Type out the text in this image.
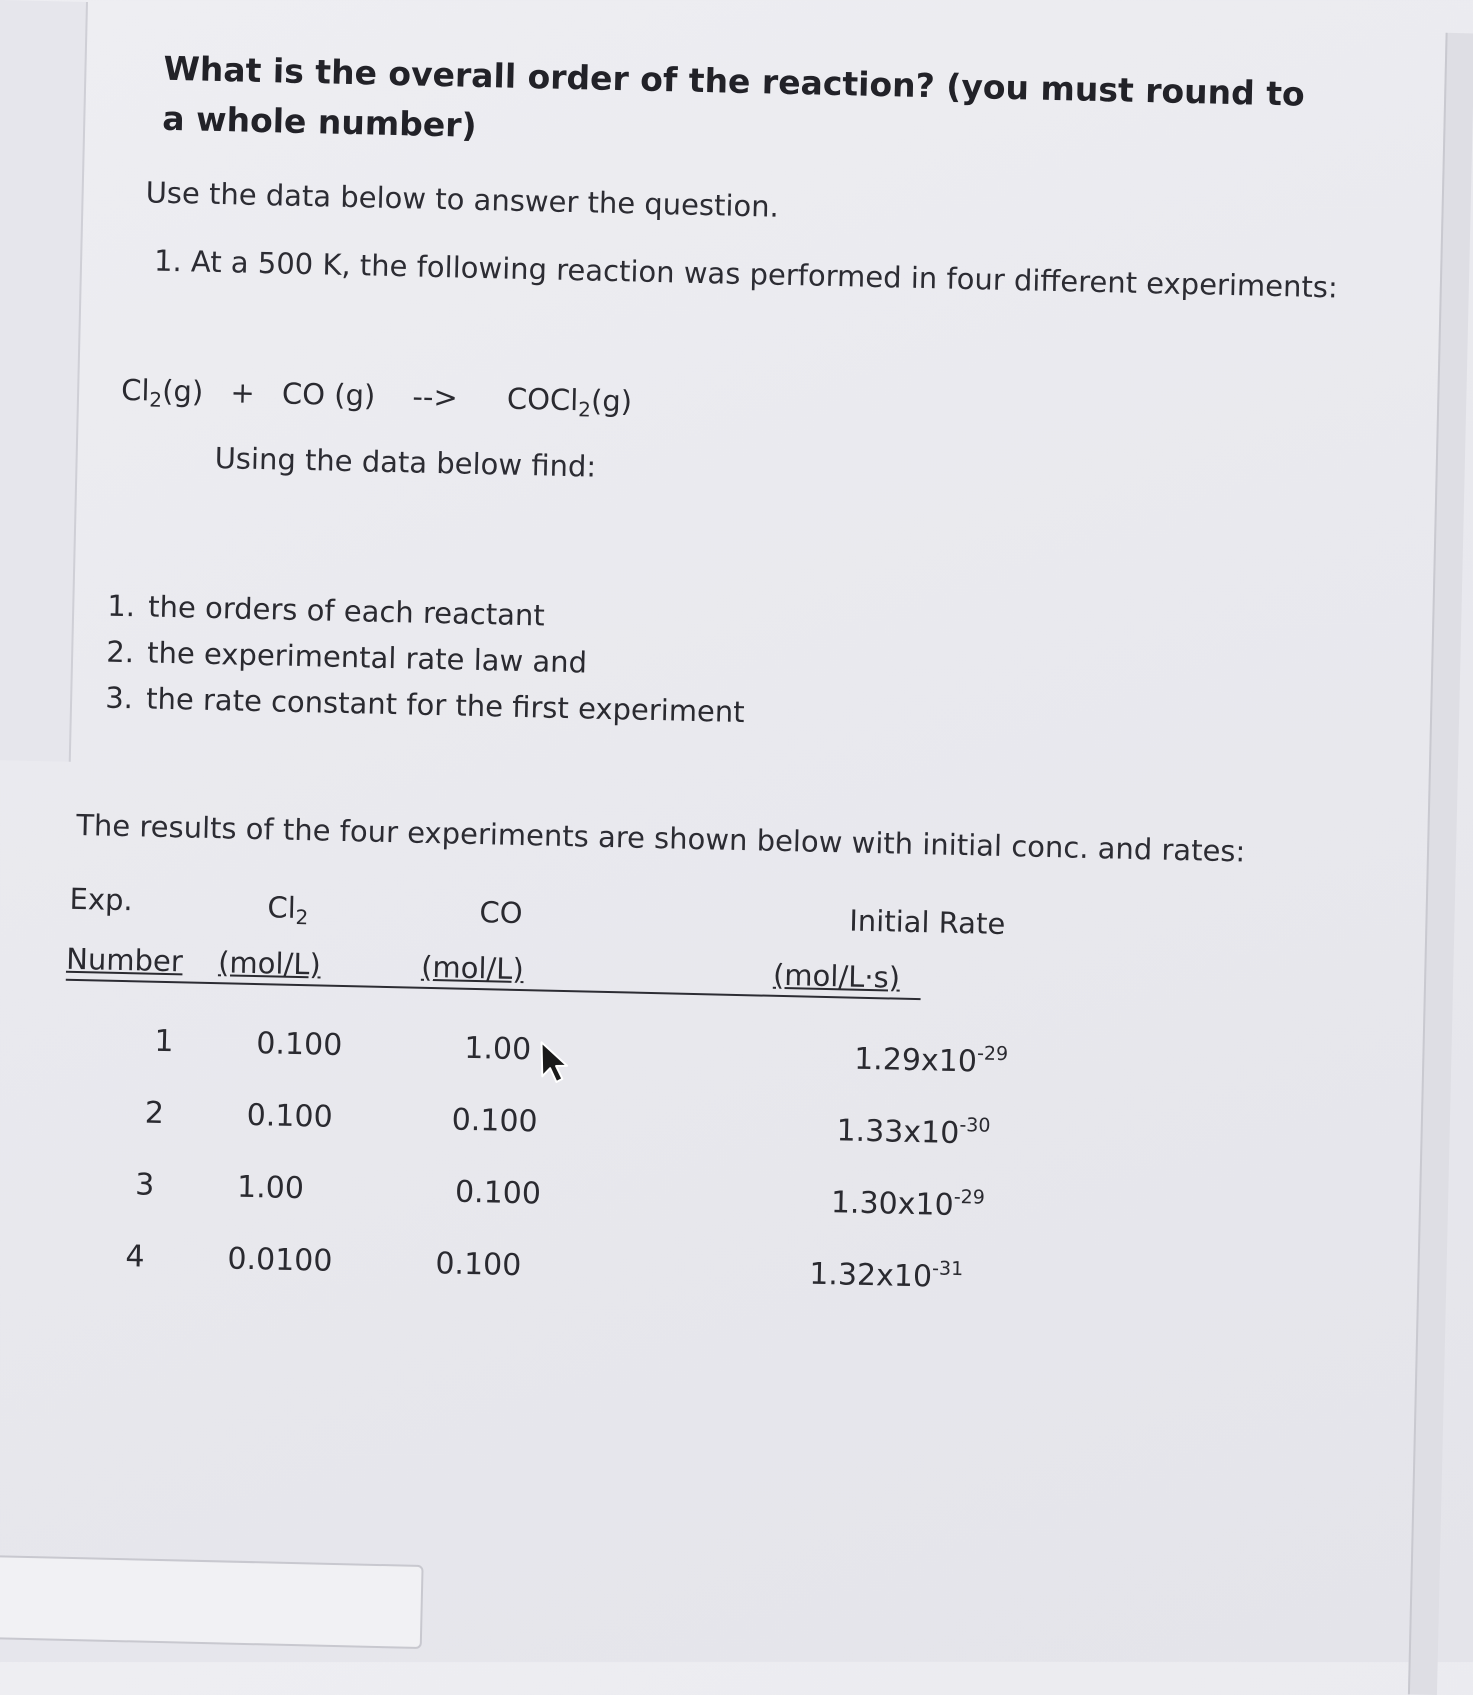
What is the overall order of the reaction? (you must round to a whole number)
Use the data below to answer the question.
1. At a 500 K, the following reaction was performed in four different experiments:
$Cl_2(g)$ + CO (g) --> COCl$_2$(g)
Using the data below find:
1. the orders of each reactant
2. the experimental rate law and
3. the rate constant for the first experiment
The results of the four experiments are shown below with initial conc. and rates:
Exp.	$Cl_2$	CO	Initial Rate
Number (mol/L)	(mol/L)	(mol/L·s)
1	0.100	1.00	$1.29x10^{-29}$
2	0.100	0.100	$1.33x10^{-30}$
3	1.00	0.100	$1.30x10^{-29}$
4	0.0100	0.100	$1.32x10^{-31}$
